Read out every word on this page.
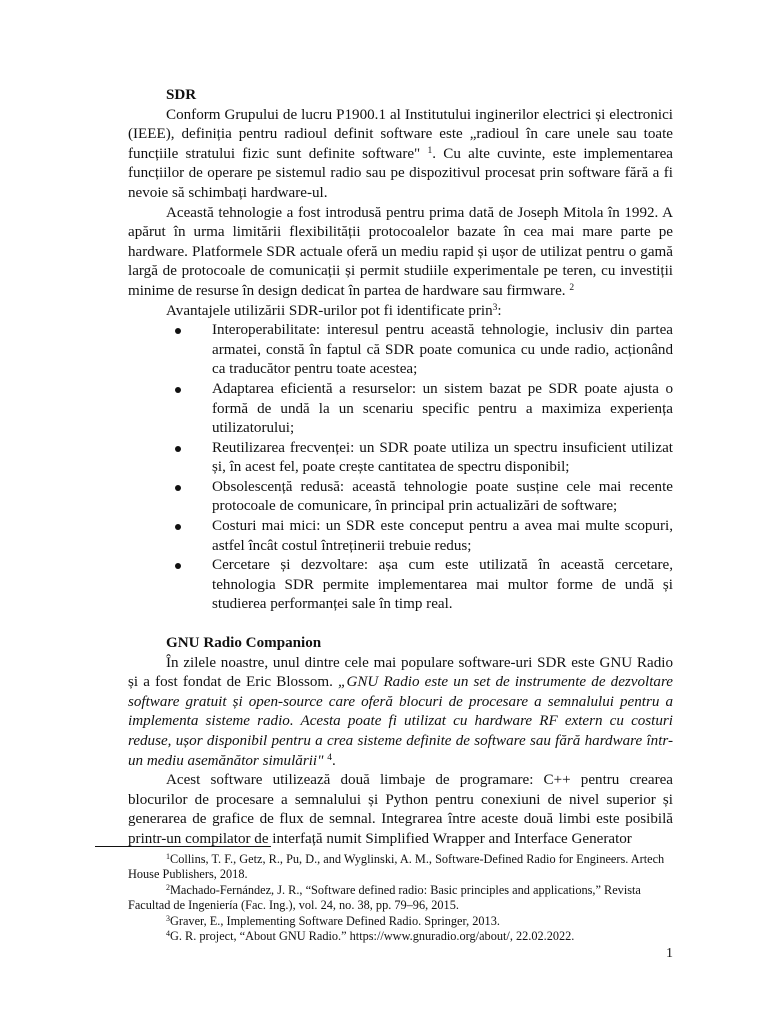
SDR

Conform Grupului de lucru P1900.1 al Institutului inginerilor electrici și electronici (IEEE), definiția pentru radioul definit software este „radioul în care unele sau toate funcțiile stratului fizic sunt definite software" $^1$. Cu alte cuvinte, este implementarea funcțiilor de operare pe sistemul radio sau pe dispozitivul procesat prin software fără a fi nevoie să schimbați hardware-ul.

Această tehnologie a fost introdusă pentru prima dată de Joseph Mitola în 1992. A apărut în urma limitării flexibilității protocoalelor bazate în cea mai mare parte pe hardware. Platformele SDR actuale oferă un mediu rapid și ușor de utilizat pentru o gamă largă de protocoale de comunicații și permit studiile experimentale pe teren, cu investiții minime de resurse în design dedicat în partea de hardware sau firmware. $^2$

Avantajele utilizării SDR-urilor pot fi identificate prin$^3$:

Interoperabilitate: interesul pentru această tehnologie, inclusiv din partea armatei, constă în faptul că SDR poate comunica cu unde radio, acționând ca traducător pentru toate acestea;
Adaptarea eficientă a resurselor: un sistem bazat pe SDR poate ajusta o formă de undă la un scenariu specific pentru a maximiza experiența utilizatorului;
Reutilizarea frecvenței: un SDR poate utiliza un spectru insuficient utilizat și, în acest fel, poate crește cantitatea de spectru disponibil;
Obsolescență redusă: această tehnologie poate susține cele mai recente protocoale de comunicare, în principal prin actualizări de software;
Costuri mai mici: un SDR este conceput pentru a avea mai multe scopuri, astfel încât costul întreținerii trebuie redus;
Cercetare și dezvoltare: așa cum este utilizată în această cercetare, tehnologia SDR permite implementarea mai multor forme de undă și studierea performanței sale în timp real.

GNU Radio Companion

În zilele noastre, unul dintre cele mai populare software-uri SDR este GNU Radio și a fost fondat de Eric Blossom. „GNU Radio este un set de instrumente de dezvoltare software gratuit și open-source care oferă blocuri de procesare a semnalului pentru a implementa sisteme radio. Acesta poate fi utilizat cu hardware RF extern cu costuri reduse, ușor disponibil pentru a crea sisteme definite de software sau fără hardware într-un mediu asemănător simulării" $^4$.

Acest software utilizează două limbaje de programare: C++ pentru crearea blocurilor de procesare a semnalului și Python pentru conexiuni de nivel superior și generarea de grafice de flux de semnal. Integrarea între aceste două limbi este posibilă printr-un compilator de interfață numit Simplified Wrapper and Interface Generator

$^1$Collins, T. F., Getz, R., Pu, D., and Wyglinski, A. M., Software-Defined Radio for Engineers. Artech House Publishers, 2018.

$^2$Machado-Fernández, J. R., “Software defined radio: Basic principles and applications,” Revista Facultad de Ingeniería (Fac. Ing.), vol. 24, no. 38, pp. 79–96, 2015.

$^3$Graver, E., Implementing Software Defined Radio. Springer, 2013.

$^4$G. R. project, “About GNU Radio.” https://www.gnuradio.org/about/, 22.02.2022.

1
